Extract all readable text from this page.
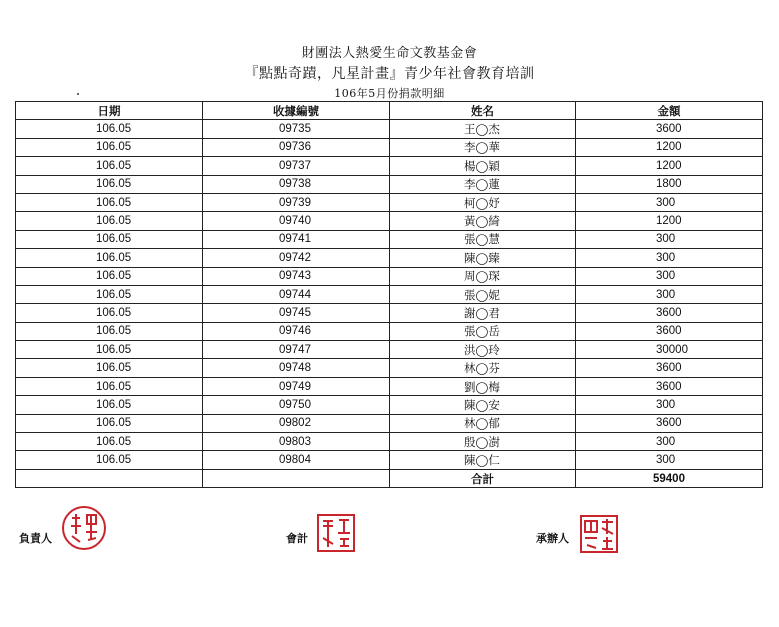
財團法人熱愛生命文教基金會
『點點奇蹟，凡星計畫』青少年社會教育培訓
106年5月份捐款明細
日期	收據編號	姓名	金額
106.05	09735	王◯杰	3600
106.05	09736	李◯華	1200
106.05	09737	楊◯穎	1200
106.05	09738	李◯蓮	1800
106.05	09739	柯◯妤	300
106.05	09740	黃◯綺	1200
106.05	09741	張◯慧	300
106.05	09742	陳◯臻	300
106.05	09743	周◯琛	300
106.05	09744	張◯妮	300
106.05	09745	謝◯君	3600
106.05	09746	張◯岳	3600
106.05	09747	洪◯玲	30000
106.05	09748	林◯芬	3600
106.05	09749	劉◯梅	3600
106.05	09750	陳◯安	300
106.05	09802	林◯郁	3600
106.05	09803	殷◯澍	300
106.05	09804	陳◯仁	300
		合計	59400
負責人	會計	承辦人
